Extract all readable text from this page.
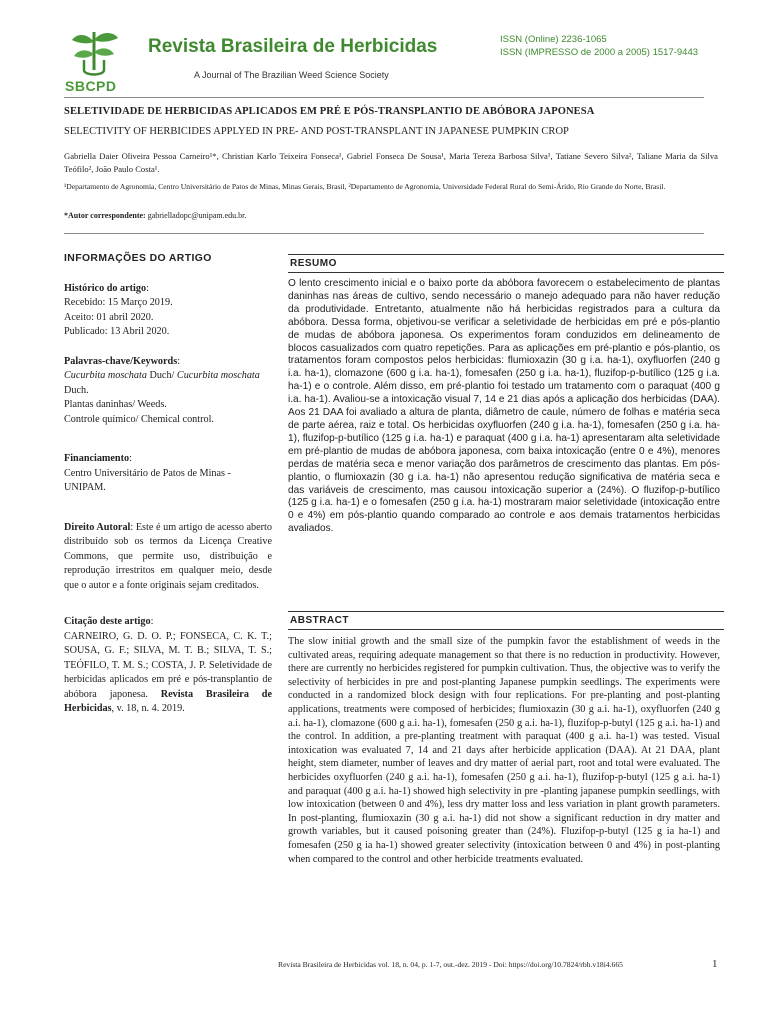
SBCPD
Revista Brasileira de Herbicidas	ISSN (Online) 2236-1065
ISSN (IMPRESSO de 2000 a 2005) 1517-9443
A Journal of The Brazilian Weed Science Society
SELETIVIDADE DE HERBICIDAS APLICADOS EM PRÉ E PÓS-TRANSPLANTIO DE ABÓBORA JAPONESA
SELECTIVITY OF HERBICIDES APPLYED IN PRE- AND POST-TRANSPLANT IN JAPANESE PUMPKIN CROP
Gabriella Daier Oliveira Pessoa Carneiro¹*, Christian Karlo Teixeira Fonseca¹, Gabriel Fonseca De Sousa¹, Maria Tereza Barbosa Silva¹, Tatiane Severo Silva², Taliane Maria da Silva Teófilo², João Paulo Costa¹.
¹Departamento de Agronomia, Centro Universitário de Patos de Minas, Minas Gerais, Brasil, ²Departamento de Agronomia, Universidade Federal Rural do Semi-Árido, Rio Grande do Norte, Brasil.
*Autor correspondente: gabrielladopc@unipam.edu.br.
INFORMAÇÕES DO ARTIGO

Histórico do artigo:

Recebido: 15 Março 2019.

Aceito: 01 abril 2020.

Publicado: 13 Abril 2020.

Palavras-chave/Keywords:

Cucurbita moschata Duch/ Cucurbita moschata Duch.

Plantas daninhas/ Weeds.

Controle químico/ Chemical control.

Financiamento:

Centro Universitário de Patos de Minas - UNIPAM.

Direito Autoral: Este é um artigo de acesso aberto distribuído sob os termos da Licença Creative Commons, que permite uso, distribuição e reprodução irrestritos em qualquer meio, desde que o autor e a fonte originais sejam creditados.

Citação deste artigo:

CARNEIRO, G. D. O. P.; FONSECA, C. K. T.; SOUSA, G. F.; SILVA, M. T. B.; SILVA, T. S.; TEÓFILO, T. M. S.; COSTA, J. P. Seletividade de herbicidas aplicados em pré e pós-transplantio de abóbora japonesa. Revista Brasileira de Herbicidas, v. 18, n. 4. 2019.

RESUMO
O lento crescimento inicial e o baixo porte da abóbora favorecem o estabelecimento de plantas daninhas nas áreas de cultivo, sendo necessário o manejo adequado para não haver redução da produtividade. Entretanto, atualmente não há herbicidas registrados para a cultura da abóbora. Dessa forma, objetivou-se verificar a seletividade de herbicidas em pré e pós-plantio de mudas de abóbora japonesa. Os experimentos foram conduzidos em delineamento de blocos casualizados com quatro repetições. Para as aplicações em pré-plantio e pós-plantio, os tratamentos foram compostos pelos herbicidas: flumioxazin (30 g i.a. ha-1), oxyfluorfen (240 g i.a. ha-1), clomazone (600 g i.a. ha-1), fomesafen (250 g i.a. ha-1), fluzifop-p-butílico (125 g i.a. ha-1) e o controle. Além disso, em pré-plantio foi testado um tratamento com o paraquat (400 g i.a. ha-1). Avaliou-se a intoxicação visual 7, 14 e 21 dias após a aplicação dos herbicidas (DAA). Aos 21 DAA foi avaliado a altura de planta, diâmetro de caule, número de folhas e matéria seca de parte aérea, raiz e total. Os herbicidas oxyfluorfen (240 g i.a. ha-1), fomesafen (250 g i.a. ha-1), fluzifop-p-butílico (125 g i.a. ha-1) e paraquat (400 g i.a. ha-1) apresentaram alta seletividade em pré-plantio de mudas de abóbora japonesa, com baixa intoxicação (entre 0 e 4%), menores perdas de matéria seca e menor variação dos parâmetros de crescimento das plantas. Em pós-plantio, o flumioxazin (30 g i.a. ha-1) não apresentou redução significativa de matéria seca e das variáveis de crescimento, mas causou intoxicação superior a (24%). O fluzifop-p-butílico (125 g i.a. ha-1) e o fomesafen (250 g i.a. ha-1) mostraram maior seletividade (intoxicação entre 0 e 4%) em pós-plantio quando comparado ao controle e aos demais tratamentos herbicidas avaliados.
ABSTRACT
The slow initial growth and the small size of the pumpkin favor the establishment of weeds in the cultivated areas, requiring adequate management so that there is no reduction in productivity. However, there are currently no herbicides registered for pumpkin cultivation. Thus, the objective was to verify the selectivity of herbicides in pre and post-planting Japanese pumpkin seedlings. The experiments were conducted in a randomized block design with four replications. For pre-planting and post-planting applications, treatments were composed of herbicides; flumioxazin (30 g a.i. ha-1), oxyfluorfen (240 g a.i. ha-1), clomazone (600 g a.i. ha-1), fomesafen (250 g a.i. ha-1), fluzifop-p-butyl (125 g a.i. ha-1) and the control. In addition, a pre-planting treatment with paraquat (400 g a.i. ha-1) was tested. Visual intoxication was evaluated 7, 14 and 21 days after herbicide application (DAA). At 21 DAA, plant height, stem diameter, number of leaves and dry matter of aerial part, root and total were evaluated. The herbicides oxyfluorfen (240 g a.i. ha-1), fomesafen (250 g a.i. ha-1), fluzifop-p-butyl (125 g a.i. ha-1) and paraquat (400 g a.i. ha-1) showed high selectivity in pre -planting japanese pumpkin seedlings, with low intoxication (between 0 and 4%), less dry matter loss and less variation in plant growth parameters. In post-planting, flumioxazin (30 g a.i. ha-1) did not show a significant reduction in dry matter and growth variables, but it caused poisoning greater than (24%). Fluzifop-p-butyl (125 g ia ha-1) and fomesafen (250 g ia ha-1) showed greater selectivity (intoxication between 0 and 4%) in post-planting when compared to the control and other herbicide treatments evaluated.
Revista Brasileira de Herbicidas vol. 18, n. 04, p. 1-7, out.-dez. 2019 - Doi: https://doi.org/10.7824/rbh.v18i4.665	1
